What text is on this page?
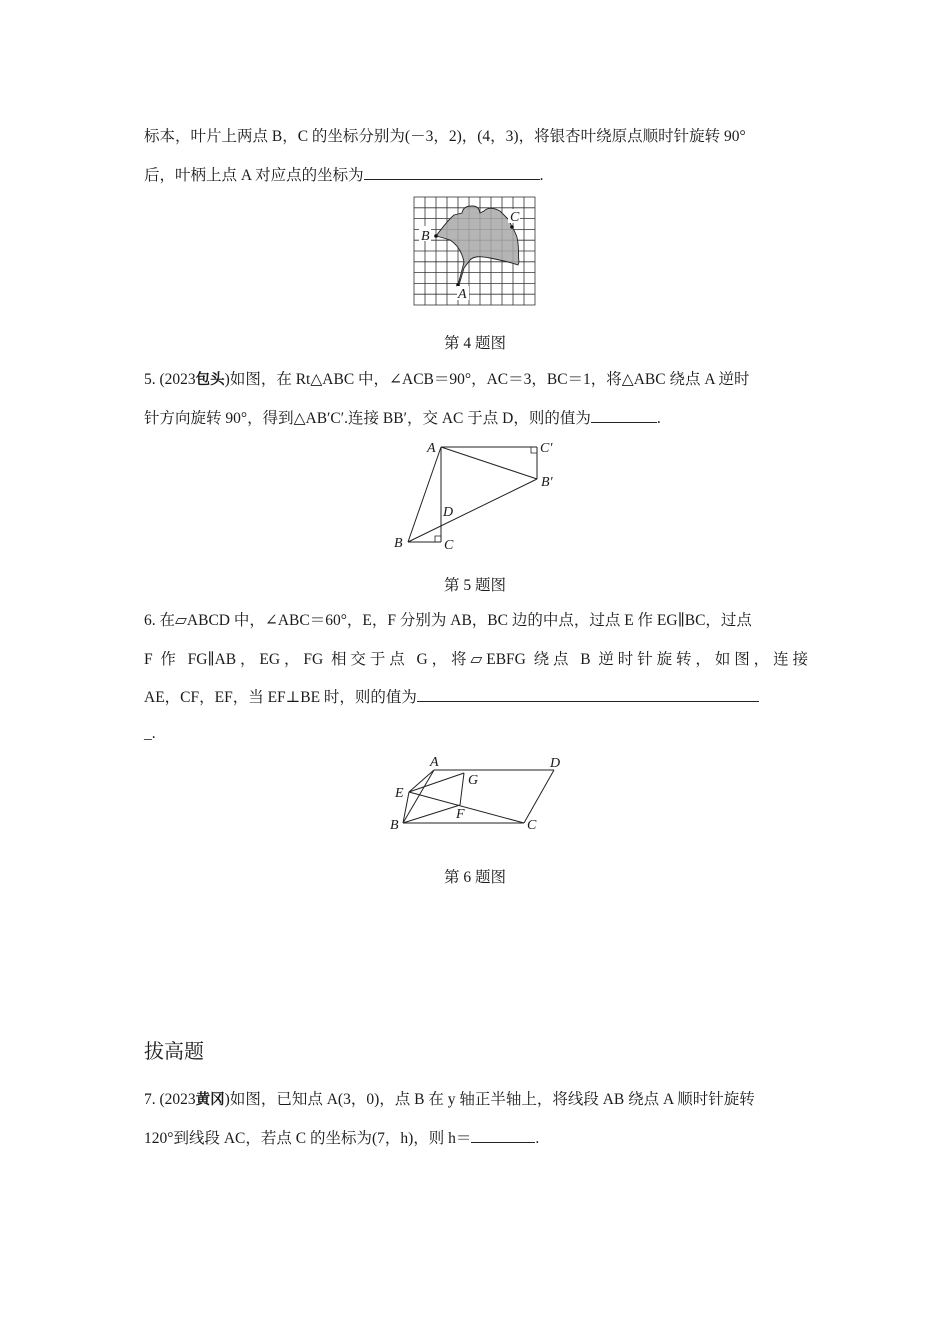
标本，叶片上两点 B，C 的坐标分别为(－3，2)，(4，3)，将银杏叶绕原点顺时针旋转 90°
后，叶柄上点 A 对应点的坐标为	.
B
C
A
第 4 题图
5. (2023包头)如图，在 Rt△ABC 中，∠ACB＝90°，AC＝3，BC＝1，将△ABC 绕点 A 逆时
针方向旋转 90°，得到△AB′C′.连接 BB′，交 AC 于点 D，则的值为	.
A	C′
B′
D
B	C
第 5 题图
6. 在▱ABCD 中，∠ABC＝60°，E，F 分别为 AB，BC 边的中点，过点 E 作 EG∥BC，过点
F 作 FG∥AB，EG，FG 相交于点 G，将▱EBFG 绕点 B 逆时针旋转，如图，连接
AE，CF，EF，当 EF⊥BE 时，则的值为
_.
A	D
G
E
F
B	C
第 6 题图
拔高题
7. (2023黄冈)如图，已知点 A(3，0)，点 B 在 y 轴正半轴上，将线段 AB 绕点 A 顺时针旋转
120°到线段 AC，若点 C 的坐标为(7，h)，则 h＝	.
